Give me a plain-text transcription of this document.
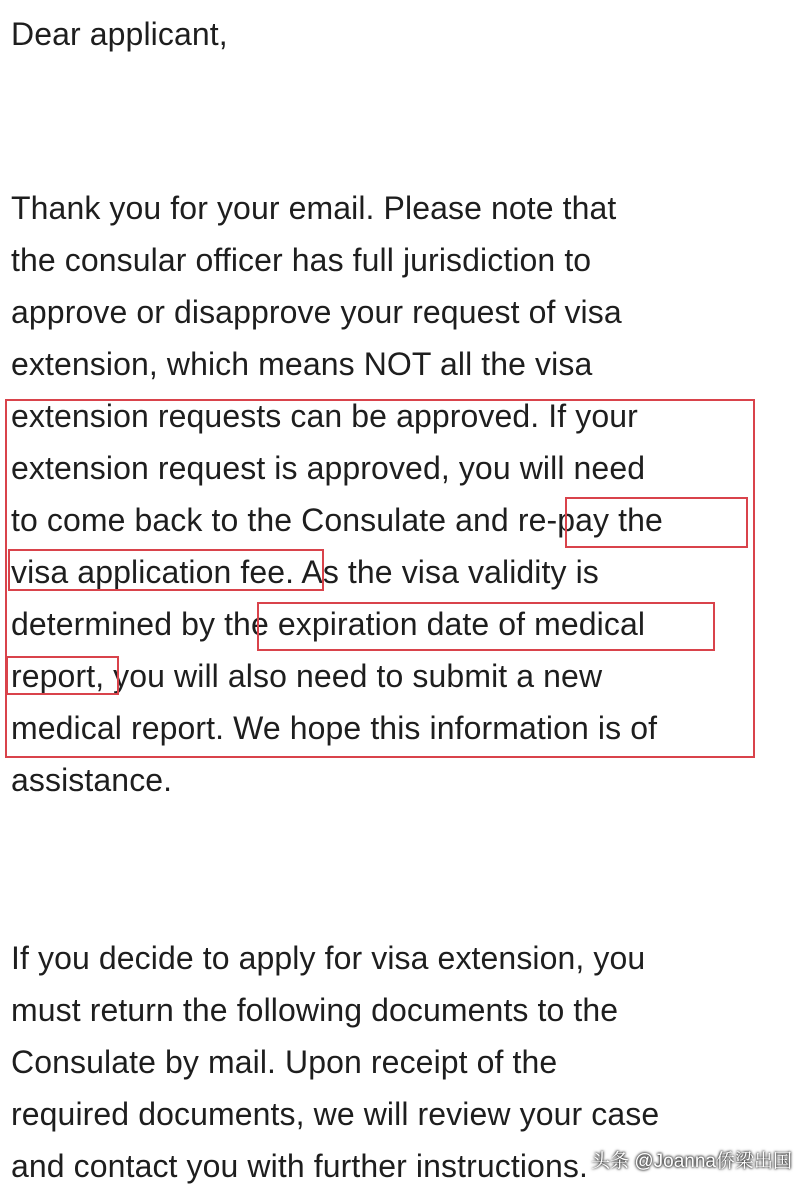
Dear applicant,

Thank you for your email. Please note that

the consular officer has full jurisdiction to

approve or disapprove your request of visa

extension, which means NOT all the visa

extension requests can be approved. If your

extension request is approved, you will need

to come back to the Consulate and re-pay the

visa application fee. As the visa validity is

determined by the expiration date of medical

report, you will also need to submit a new

medical report. We hope this information is of

assistance.

If you decide to apply for visa extension, you

must return the following documents to the

Consulate by mail. Upon receipt of the

required documents, we will review your case

and contact you with further instructions. 头条 @Joanna侨梁出国
